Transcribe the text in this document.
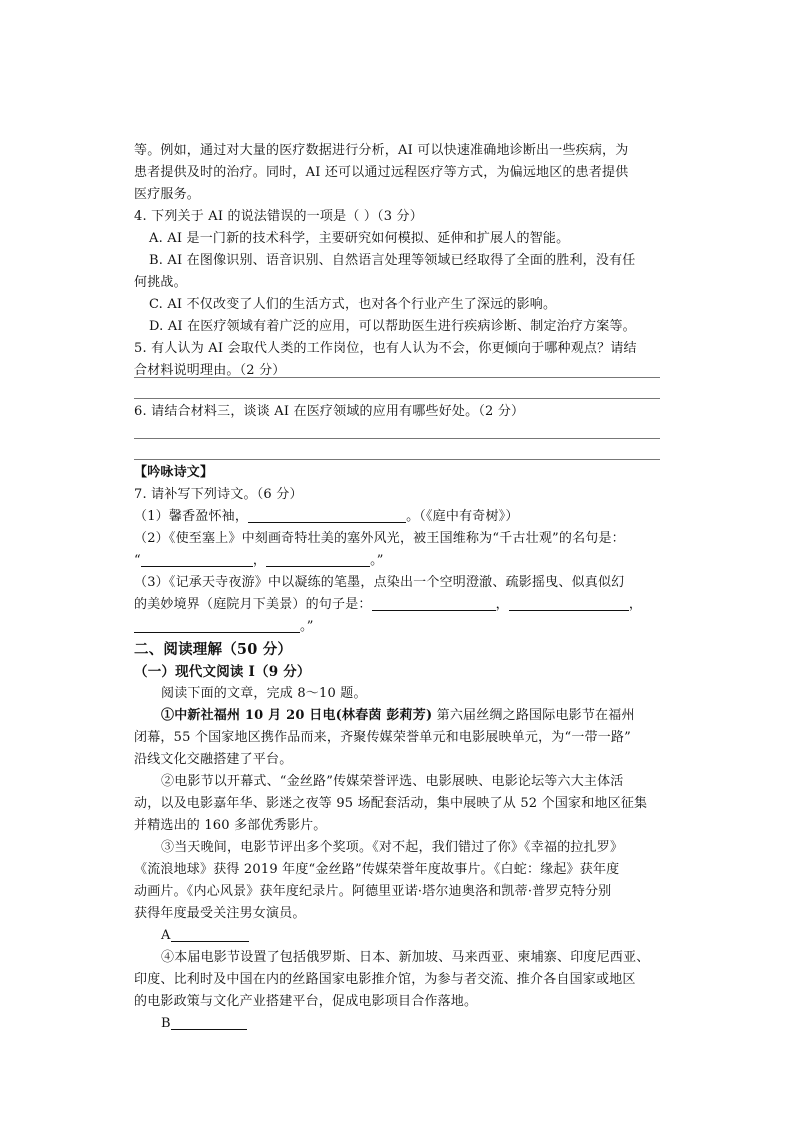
等。例如，通过对大量的医疗数据进行分析，AI 可以快速准确地诊断出一些疾病，为
患者提供及时的治疗。同时，AI 还可以通过远程医疗等方式，为偏远地区的患者提供
医疗服务。
4. 下列关于 AI 的说法错误的一项是（ ）（3 分）
A. AI 是一门新的技术科学，主要研究如何模拟、延伸和扩展人的智能。
B. AI 在图像识别、语音识别、自然语言处理等领域已经取得了全面的胜利，没有任
何挑战。
C. AI 不仅改变了人们的生活方式，也对各个行业产生了深远的影响。
D. AI 在医疗领域有着广泛的应用，可以帮助医生进行疾病诊断、制定治疗方案等。
5. 有人认为 AI 会取代人类的工作岗位，也有人认为不会，你更倾向于哪种观点？请结
合材料说明理由。（2 分）
6. 请结合材料三，谈谈 AI 在医疗领域的应用有哪些好处。（2 分）
【吟咏诗文】
7. 请补写下列诗文。（6 分）
（1）馨香盈怀袖，	。（《庭中有奇树》）
（2）《使至塞上》中刻画奇特壮美的塞外风光，被王国维称为“千古壮观”的名句是：
“	，	。”
（3）《记承天寺夜游》中以凝练的笔墨，点染出一个空明澄澈、疏影摇曳、似真似幻
的美妙境界（庭院月下美景）的句子是：	，	，
。”
二、阅读理解（50 分）
（一）现代文阅读 I（9 分）
阅读下面的文章，完成 8～10 题。
①中新社福州 10 月 20 日电(林春茵 彭莉芳) 第六届丝绸之路国际电影节在福州
闭幕，55 个国家地区携作品而来，齐聚传媒荣誉单元和电影展映单元，为“一带一路”
沿线文化交融搭建了平台。
②电影节以开幕式、“金丝路”传媒荣誉评选、电影展映、电影论坛等六大主体活
动，以及电影嘉年华、影迷之夜等 95 场配套活动，集中展映了从 52 个国家和地区征集
并精选出的 160 多部优秀影片。
③当天晚间，电影节评出多个奖项。《对不起，我们错过了你》《幸福的拉扎罗》
《流浪地球》获得 2019 年度“金丝路”传媒荣誉年度故事片。《白蛇：缘起》获年度
动画片。《内心风景》获年度纪录片。阿德里亚诺·塔尔迪奥洛和凯蒂·普罗克特分别
获得年度最受关注男女演员。
A
④本届电影节设置了包括俄罗斯、日本、新加坡、马来西亚、柬埔寨、印度尼西亚、
印度、比利时及中国在内的丝路国家电影推介馆，为参与者交流、推介各自国家或地区
的电影政策与文化产业搭建平台，促成电影项目合作落地。
B
